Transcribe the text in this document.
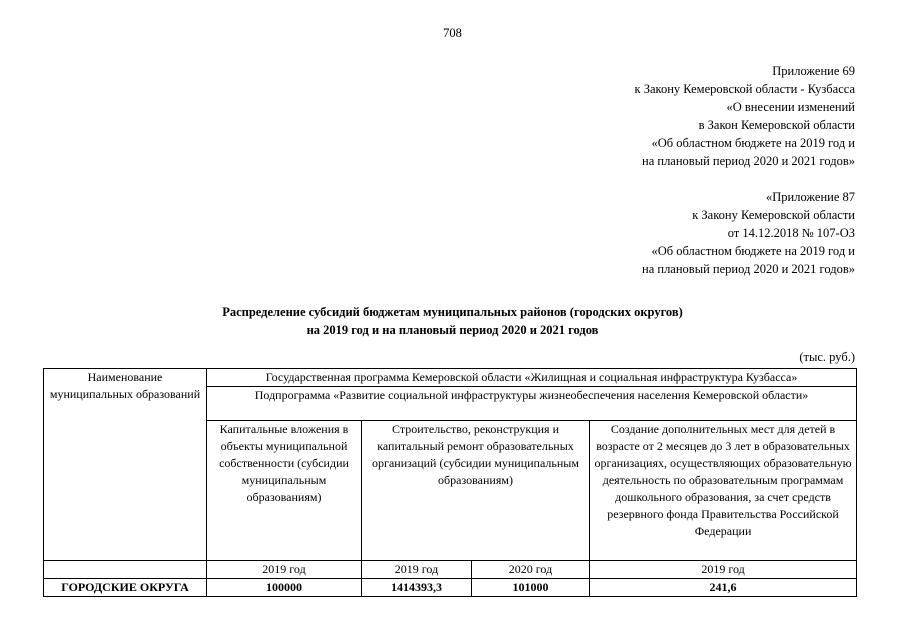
708
Приложение 69
к Закону Кемеровской области - Кузбасса
«О внесении изменений
в Закон Кемеровской области
«Об областном бюджете на 2019 год и
на плановый период 2020 и 2021 годов»
«Приложение 87
к Закону Кемеровской области
от 14.12.2018 № 107-ОЗ
«Об областном бюджете на 2019 год и
на плановый период 2020 и 2021 годов»
Распределение субсидий бюджетам муниципальных районов (городских округов)
на 2019 год и на плановый период 2020 и 2021 годов
(тыс. руб.)
Наименование муниципальных образований	Государственная программа Кемеровской области «Жилищная и социальная инфраструктура Кузбасса»			
	Подпрограмма «Развитие социальной инфраструктуры жизнеобеспечения населения Кемеровской области»			
	Капитальные вложения в объекты муниципальной собственности (субсидии муниципальным образованиям)	Строительство, реконструкция и капитальный ремонт образовательных организаций (субсидии муниципальным образованиям)		Создание дополнительных мест для детей в возрасте от 2 месяцев до 3 лет в образовательных организациях, осуществляющих образовательную деятельность по образовательным программам дошкольного образования, за счет средств резервного фонда Правительства Российской Федерации
	2019 год	2019 год	2020 год	2019 год
ГОРОДСКИЕ ОКРУГА	100000	1414393,3	101000	241,6
